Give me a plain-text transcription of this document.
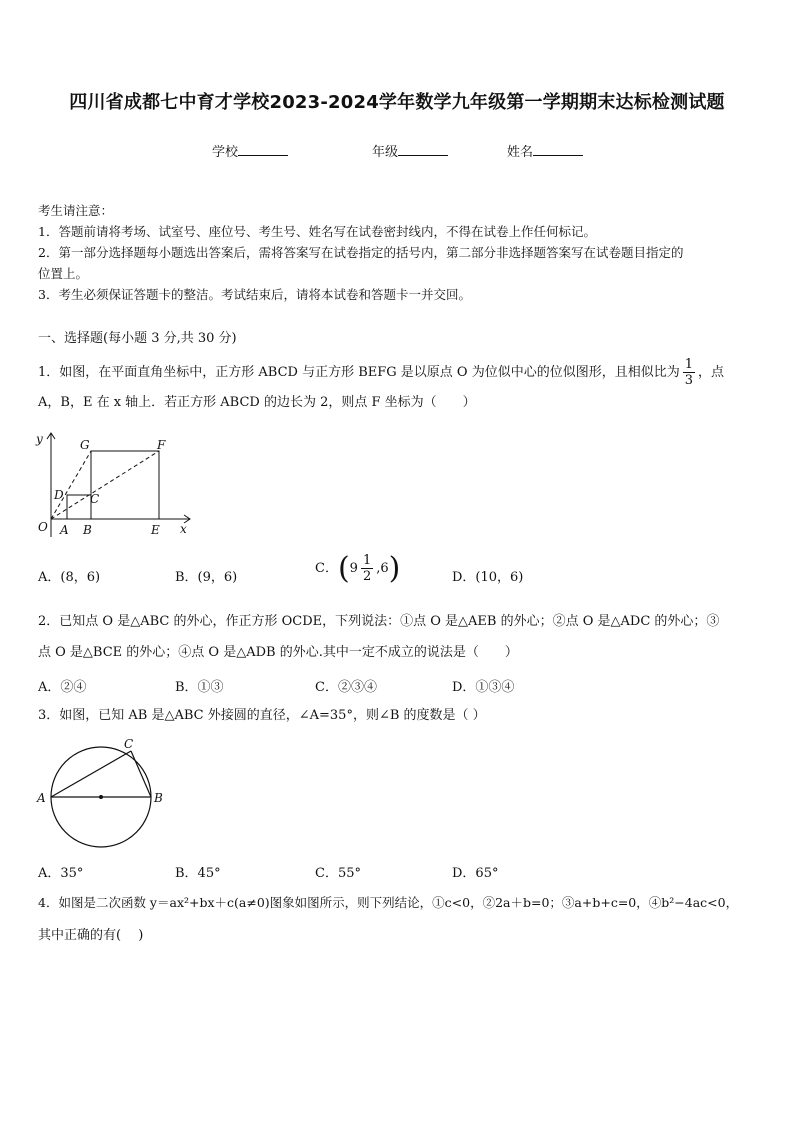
四川省成都七中育才学校2023-2024学年数学九年级第一学期期末达标检测试题
学校	年级	姓名
考生请注意：
1．答题前请将考场、试室号、座位号、考生号、姓名写在试卷密封线内，不得在试卷上作任何标记。
2．第一部分选择题每小题选出答案后，需将答案写在试卷指定的括号内，第二部分非选择题答案写在试卷题目指定的
位置上。
3．考生必须保证答题卡的整洁。考试结束后，请将本试卷和答题卡一并交回。
一、选择题(每小题 3 分,共 30 分)
1．如图，在平面直角坐标中，正方形 ABCD 与正方形 BEFG 是以原点 O 为位似中心的位似图形，且相似比为 $\frac{1}{3}$ ，点
A，B，E 在 x 轴上．若正方形 ABCD 的边长为 2，则点 F 坐标为（　　）
y
x
O A B	E
D C
G	F
A．(8，6)	B．(9，6)
C．$(9 \frac{1}{2} ,6)$	D．(10，6)
2．已知点 O 是△ABC 的外心，作正方形 OCDE，下列说法：①点 O 是△AEB 的外心；②点 O 是△ADC 的外心；③
点 O 是△BCE 的外心；④点 O 是△ADB 的外心.其中一定不成立的说法是（　　）
A．②④	B．①③	C．②③④	D．①③④
3．如图，已知 AB 是△ABC 外接圆的直径，∠A=35°，则∠B 的度数是（ ）
A	B
C
A．35°	B．45°	C．55°	D．65°
4．如图是二次函数 y＝ax²+bx＋c(a≠0)图象如图所示，则下列结论，①c<0，②2a＋b=0；③a+b+c=0，④b²−4ac<0，
其中正确的有(　 )
